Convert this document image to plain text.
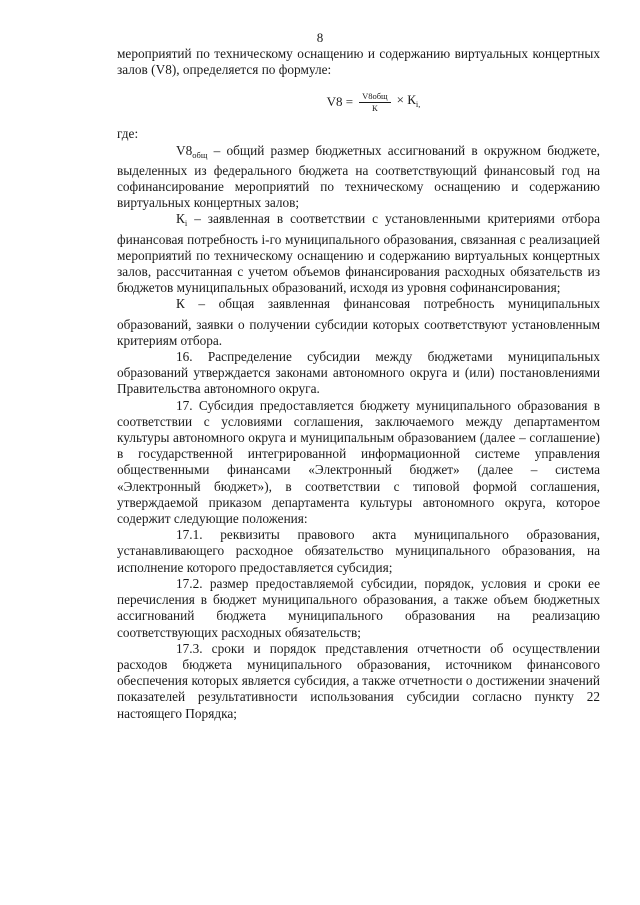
8

мероприятий по техническому оснащению и содержанию виртуальных концертных залов (V8), определяется по формуле:

$V8 = \frac{\text{V8общ}}{К} \times К_{i,}$

где:

$V8_{общ}$ – общий размер бюджетных ассигнований в окружном бюджете, выделенных из федерального бюджета на соответствующий финансовый год на софинансирование мероприятий по техническому оснащению и содержанию виртуальных концертных залов;

$К_i$ – заявленная в соответствии с установленными критериями отбора финансовая потребность i-го муниципального образования, связанная с реализацией мероприятий по техническому оснащению и содержанию виртуальных концертных залов, рассчитанная с учетом объемов финансирования расходных обязательств из бюджетов муниципальных образований, исходя из уровня софинансирования;

К – общая заявленная финансовая потребность муниципальных образований, заявки о получении субсидии которых соответствуют установленным критериям отбора.

16. Распределение субсидии между бюджетами муниципальных образований утверждается законами автономного округа и (или) постановлениями Правительства автономного округа.

17. Субсидия предоставляется бюджету муниципального образования в соответствии с условиями соглашения, заключаемого между департаментом культуры автономного округа и муниципальным образованием (далее – соглашение) в государственной интегрированной информационной системе управления общественными финансами «Электронный бюджет» (далее – система «Электронный бюджет»), в соответствии с типовой формой соглашения, утверждаемой приказом департамента культуры автономного округа, которое содержит следующие положения:

17.1. реквизиты правового акта муниципального образования, устанавливающего расходное обязательство муниципального образования, на исполнение которого предоставляется субсидия;

17.2. размер предоставляемой субсидии, порядок, условия и сроки ее перечисления в бюджет муниципального образования, а также объем бюджетных ассигнований бюджета муниципального образования на реализацию соответствующих расходных обязательств;

17.3. сроки и порядок представления отчетности об осуществлении расходов бюджета муниципального образования, источником финансового обеспечения которых является субсидия, а также отчетности о достижении значений показателей результативности использования субсидии согласно пункту 22 настоящего Порядка;
